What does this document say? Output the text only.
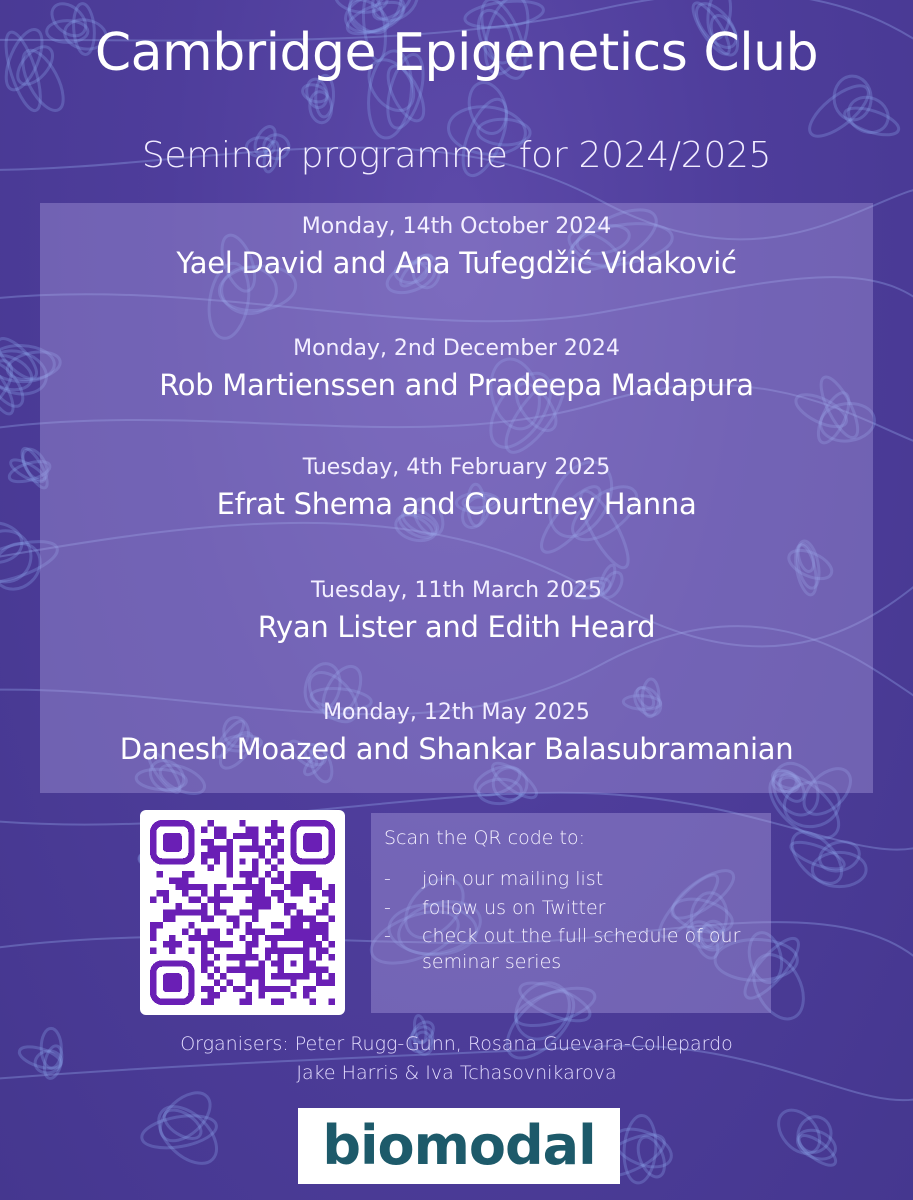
Cambridge Epigenetics Club
Seminar programme for 2024/2025
Monday, 14th October 2024
Yael David and Ana Tufegdžić Vidaković
Monday, 2nd December 2024
Rob Martienssen and Pradeepa Madapura
Tuesday, 4th February 2025
Efrat Shema and Courtney Hanna
Tuesday, 11th March 2025
Ryan Lister and Edith Heard
Monday, 12th May 2025
Danesh Moazed and Shankar Balasubramanian
Scan the QR code to:
- join our mailing list
- follow us on Twitter
- check out the full schedule of our seminar series
Organisers: Peter Rugg-Gunn, Rosana Guevara-Collepardo
Jake Harris & Iva Tchasovnikarova
biomodal
